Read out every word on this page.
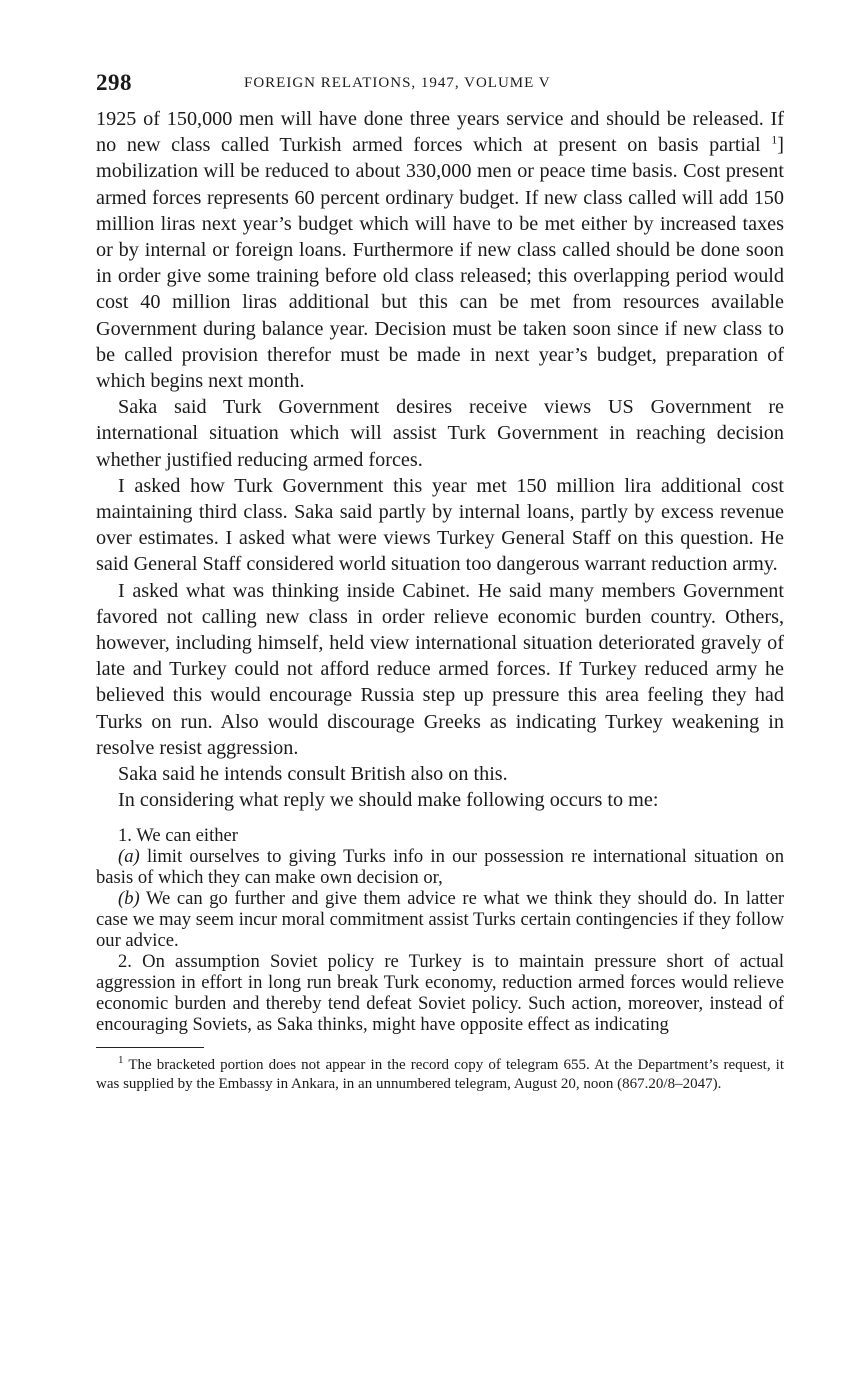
298	FOREIGN RELATIONS, 1947, VOLUME V

1925 of 150,000 men will have done three years service and should be released. If no new class called Turkish armed forces which at present on basis partial $^1$] mobilization will be reduced to about 330,000 men or peace time basis. Cost present armed forces represents 60 percent ordinary budget. If new class called will add 150 million liras next year’s budget which will have to be met either by increased taxes or by internal or foreign loans. Furthermore if new class called should be done soon in order give some training before old class released; this overlapping period would cost 40 million liras additional but this can be met from resources available Government during balance year. Decision must be taken soon since if new class to be called provision therefor must be made in next year’s budget, preparation of which begins next month.

Saka said Turk Government desires receive views US Government re international situation which will assist Turk Government in reaching decision whether justified reducing armed forces.

I asked how Turk Government this year met 150 million lira additional cost maintaining third class. Saka said partly by internal loans, partly by excess revenue over estimates. I asked what were views Turkey General Staff on this question. He said General Staff considered world situation too dangerous warrant reduction army.

I asked what was thinking inside Cabinet. He said many members Government favored not calling new class in order relieve economic burden country. Others, however, including himself, held view international situation deteriorated gravely of late and Turkey could not afford reduce armed forces. If Turkey reduced army he believed this would encourage Russia step up pressure this area feeling they had Turks on run. Also would discourage Greeks as indicating Turkey weakening in resolve resist aggression.

Saka said he intends consult British also on this.

In considering what reply we should make following occurs to me:

1. We can either

(a) limit ourselves to giving Turks info in our possession re international situation on basis of which they can make own decision or,

(b) We can go further and give them advice re what we think they should do. In latter case we may seem incur moral commitment assist Turks certain contingencies if they follow our advice.

2. On assumption Soviet policy re Turkey is to maintain pressure short of actual aggression in effort in long run break Turk economy, reduction armed forces would relieve economic burden and thereby tend defeat Soviet policy. Such action, moreover, instead of encouraging Soviets, as Saka thinks, might have opposite effect as indicating

$^1$ The bracketed portion does not appear in the record copy of telegram 655. At the Department’s request, it was supplied by the Embassy in Ankara, in an unnumbered telegram, August 20, noon (867.20/8–2047).
